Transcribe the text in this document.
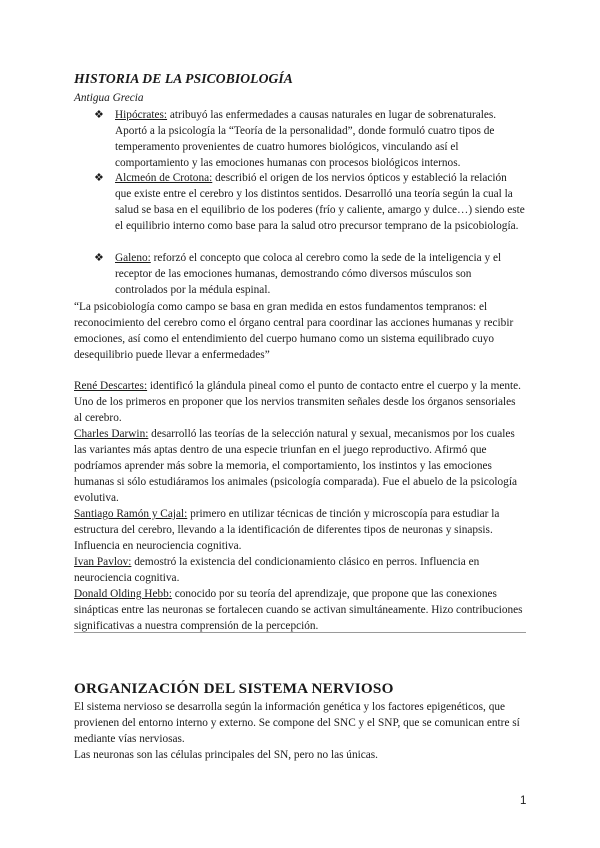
HISTORIA DE LA PSICOBIOLOGÍA
Antigua Grecia
❖ Hipócrates: atribuyó las enfermedades a causas naturales en lugar de sobrenaturales. Aportó a la psicología la “Teoría de la personalidad”, donde formuló cuatro tipos de temperamento provenientes de cuatro humores biológicos, vinculando así el comportamiento y las emociones humanas con procesos biológicos internos.
❖ Alcmeón de Crotona: describió el origen de los nervios ópticos y estableció la relación que existe entre el cerebro y los distintos sentidos. Desarrolló una teoría según la cual la salud se basa en el equilibrio de los poderes (frío y caliente, amargo y dulce…) siendo este el equilibrio interno como base para la salud otro precursor temprano de la psicobiología.
❖ Galeno: reforzó el concepto que coloca al cerebro como la sede de la inteligencia y el receptor de las emociones humanas, demostrando cómo diversos músculos son controlados por la médula espinal.
“La psicobiología como campo se basa en gran medida en estos fundamentos tempranos: el reconocimiento del cerebro como el órgano central para coordinar las acciones humanas y recibir emociones, así como el entendimiento del cuerpo humano como un sistema equilibrado cuyo desequilibrio puede llevar a enfermedades”
René Descartes: identificó la glándula pineal como el punto de contacto entre el cuerpo y la mente. Uno de los primeros en proponer que los nervios transmiten señales desde los órganos sensoriales al cerebro.
Charles Darwin: desarrolló las teorías de la selección natural y sexual, mecanismos por los cuales las variantes más aptas dentro de una especie triunfan en el juego reproductivo. Afirmó que podríamos aprender más sobre la memoria, el comportamiento, los instintos y las emociones humanas si sólo estudiáramos los animales (psicología comparada). Fue el abuelo de la psicología evolutiva.
Santiago Ramón y Cajal: primero en utilizar técnicas de tinción y microscopía para estudiar la estructura del cerebro, llevando a la identificación de diferentes tipos de neuronas y sinapsis. Influencia en neurociencia cognitiva.
Ivan Pavlov: demostró la existencia del condicionamiento clásico en perros. Influencia en neurociencia cognitiva.
Donald Olding Hebb: conocido por su teoría del aprendizaje, que propone que las conexiones sinápticas entre las neuronas se fortalecen cuando se activan simultáneamente. Hizo contribuciones significativas a nuestra comprensión de la percepción.
ORGANIZACIÓN DEL SISTEMA NERVIOSO
El sistema nervioso se desarrolla según la información genética y los factores epigenéticos, que provienen del entorno interno y externo. Se compone del SNC y el SNP, que se comunican entre sí mediante vías nerviosas.
Las neuronas son las células principales del SN, pero no las únicas.
1
